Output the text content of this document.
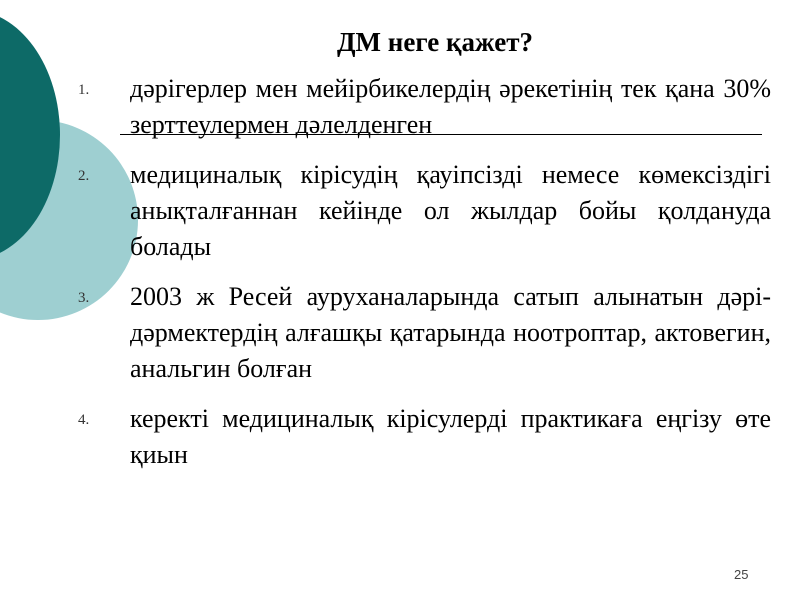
ДМ неге қажет?
1. дәрігерлер мен мейірбикелердің әрекетінің тек қана 30% зерттеулермен дәлелденген
2. медициналық кірісудің қауіпсізді немесе көмексіздігі анықталғаннан кейінде ол жылдар бойы қолдануда болады
3. 2003 ж Ресей ауруханаларында сатып алынатын дәрі-дәрмектердің алғашқы қатарында ноотроптар, актовегин, анальгин болған
4. керекті медициналық кірісулерді практикаға еңгізу өте қиын
25
